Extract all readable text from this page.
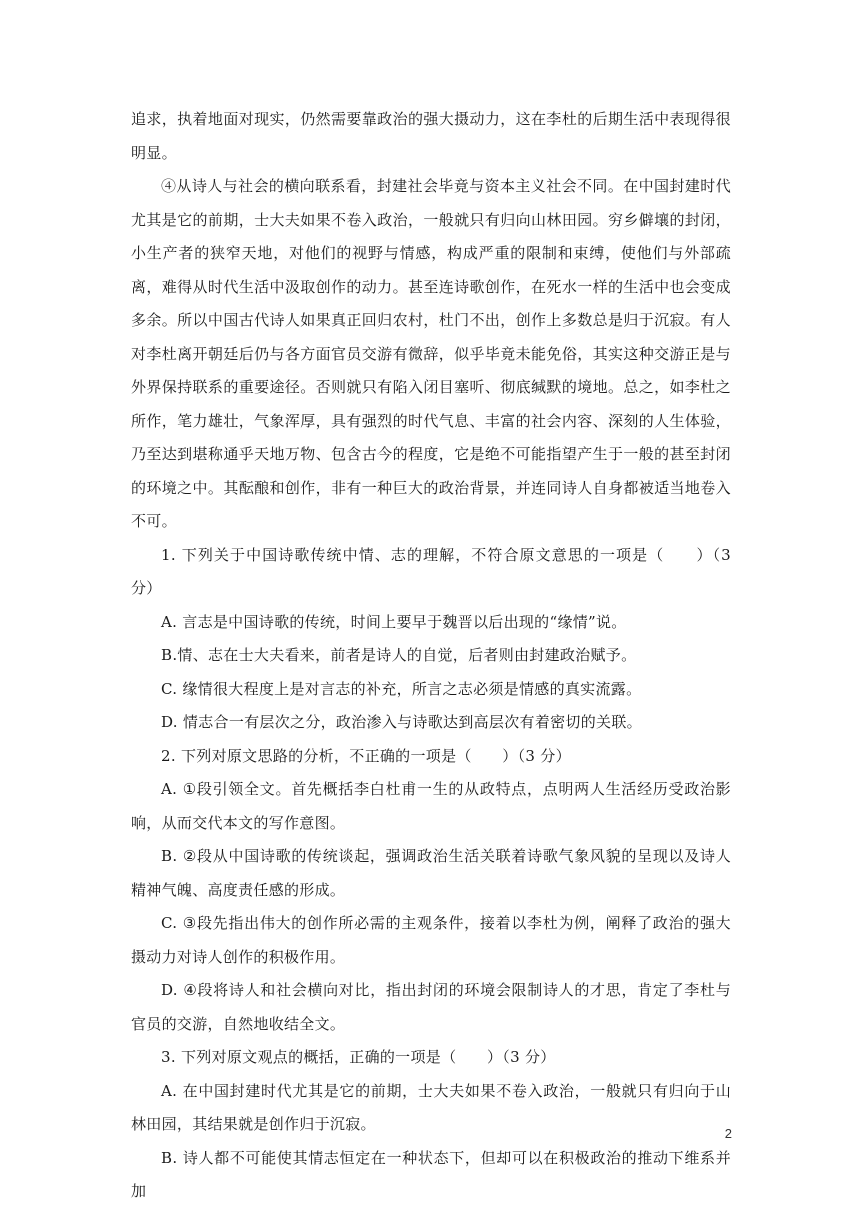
追求，执着地面对现实，仍然需要靠政治的强大摄动力，这在李杜的后期生活中表现得很明显。

④从诗人与社会的横向联系看，封建社会毕竟与资本主义社会不同。在中国封建时代尤其是它的前期，士大夫如果不卷入政治，一般就只有归向山林田园。穷乡僻壤的封闭，小生产者的狭窄天地，对他们的视野与情感，构成严重的限制和束缚，使他们与外部疏离，难得从时代生活中汲取创作的动力。甚至连诗歌创作，在死水一样的生活中也会变成多余。所以中国古代诗人如果真正回归农村，杜门不出，创作上多数总是归于沉寂。有人对李杜离开朝廷后仍与各方面官员交游有微辞，似乎毕竟未能免俗，其实这种交游正是与外界保持联系的重要途径。否则就只有陷入闭目塞听、彻底缄默的境地。总之，如李杜之所作，笔力雄壮，气象浑厚，具有强烈的时代气息、丰富的社会内容、深刻的人生体验，乃至达到堪称通乎天地万物、包含古今的程度，它是绝不可能指望产生于一般的甚至封闭的环境之中。其酝酿和创作，非有一种巨大的政治背景，并连同诗人自身都被适当地卷入不可。

1. 下列关于中国诗歌传统中情、志的理解，不符合原文意思的一项是（　　）（3 分）

A. 言志是中国诗歌的传统，时间上要早于魏晋以后出现的“缘情”说。

B.情、志在士大夫看来，前者是诗人的自觉，后者则由封建政治赋予。

C. 缘情很大程度上是对言志的补充，所言之志必须是情感的真实流露。

D. 情志合一有层次之分，政治渗入与诗歌达到高层次有着密切的关联。

2. 下列对原文思路的分析，不正确的一项是（　　）（3 分）

A. ①段引领全文。首先概括李白杜甫一生的从政特点，点明两人生活经历受政治影响，从而交代本文的写作意图。

B. ②段从中国诗歌的传统谈起，强调政治生活关联着诗歌气象风貌的呈现以及诗人精神气魄、高度责任感的形成。

C. ③段先指出伟大的创作所必需的主观条件，接着以李杜为例，阐释了政治的强大摄动力对诗人创作的积极作用。

D. ④段将诗人和社会横向对比，指出封闭的环境会限制诗人的才思，肯定了李杜与官员的交游，自然地收结全文。

3. 下列对原文观点的概括，正确的一项是（　　）（3 分）

A. 在中国封建时代尤其是它的前期，士大夫如果不卷入政治，一般就只有归向于山林田园，其结果就是创作归于沉寂。

B. 诗人都不可能使其情志恒定在一种状态下，但却可以在积极政治的推动下维系并加

2
